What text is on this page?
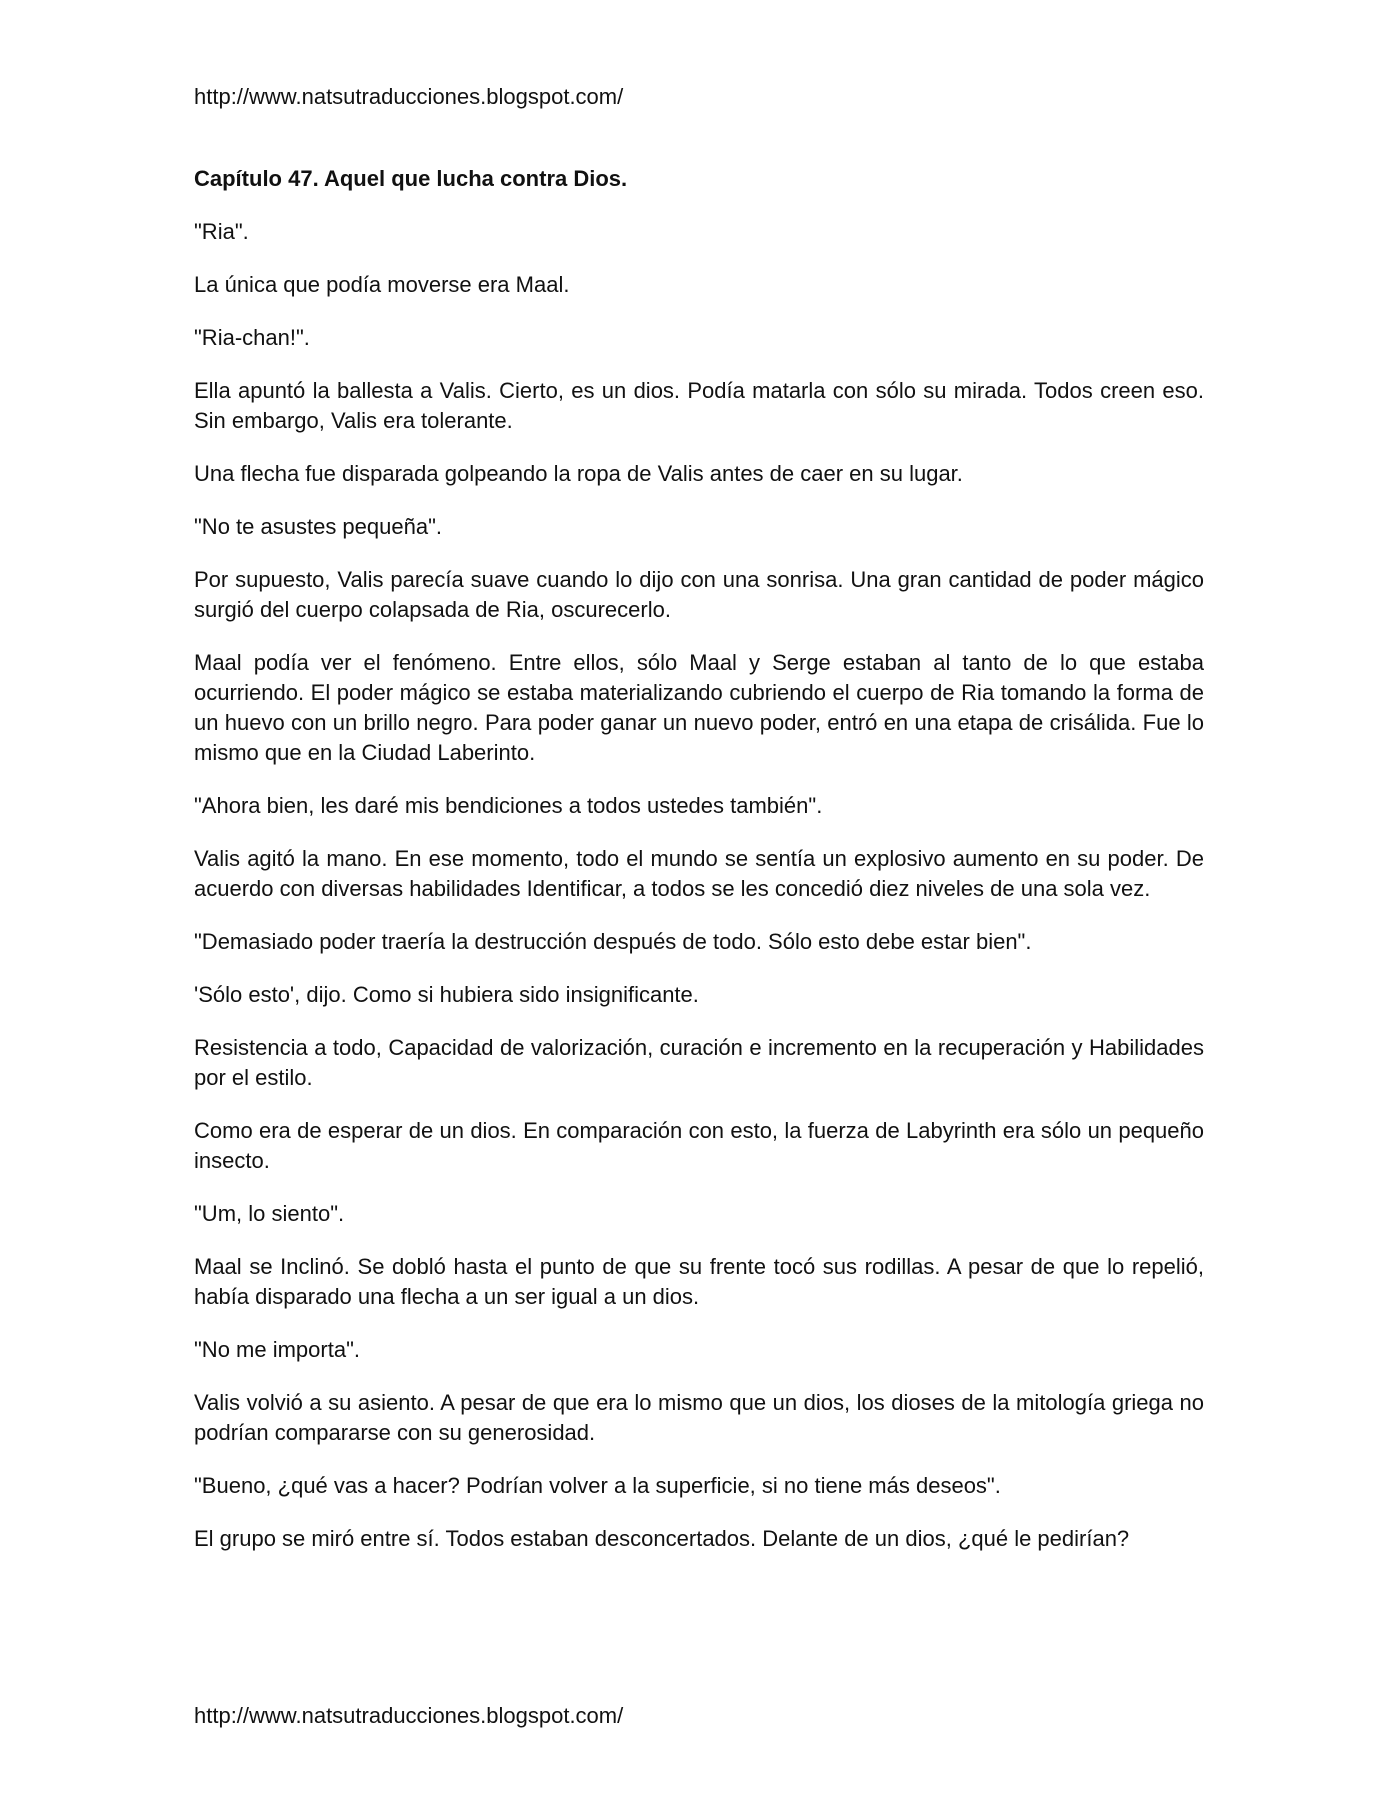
http://www.natsutraducciones.blogspot.com/

Capítulo 47. Aquel que lucha contra Dios.

"Ria".

La única que podía moverse era Maal.

"Ria-chan!".

Ella apuntó la ballesta a Valis. Cierto, es un dios. Podía matarla con sólo su mirada. Todos creen eso. Sin embargo, Valis era tolerante.

Una flecha fue disparada golpeando la ropa de Valis antes de caer en su lugar.

"No te asustes pequeña".

Por supuesto, Valis parecía suave cuando lo dijo con una sonrisa. Una gran cantidad de poder mágico surgió del cuerpo colapsada de Ria, oscurecerlo.

Maal podía ver el fenómeno. Entre ellos, sólo Maal y Serge estaban al tanto de lo que estaba ocurriendo. El poder mágico se estaba materializando cubriendo el cuerpo de Ria tomando la forma de un huevo con un brillo negro. Para poder ganar un nuevo poder, entró en una etapa de crisálida. Fue lo mismo que en la Ciudad Laberinto.

"Ahora bien, les daré mis bendiciones a todos ustedes también".

Valis agitó la mano. En ese momento, todo el mundo se sentía un explosivo aumento en su poder. De acuerdo con diversas habilidades Identificar, a todos se les concedió diez niveles de una sola vez.

"Demasiado poder traería la destrucción después de todo. Sólo esto debe estar bien".

'Sólo esto', dijo. Como si hubiera sido insignificante.

Resistencia a todo, Capacidad de valorización, curación e incremento en la recuperación y Habilidades por el estilo.

Como era de esperar de un dios. En comparación con esto, la fuerza de Labyrinth era sólo un pequeño insecto.

"Um, lo siento".

Maal se Inclinó. Se dobló hasta el punto de que su frente tocó sus rodillas. A pesar de que lo repelió, había disparado una flecha a un ser igual a un dios.

"No me importa".

Valis volvió a su asiento. A pesar de que era lo mismo que un dios, los dioses de la mitología griega no podrían compararse con su generosidad.

"Bueno, ¿qué vas a hacer? Podrían volver a la superficie, si no tiene más deseos".

El grupo se miró entre sí. Todos estaban desconcertados. Delante de un dios, ¿qué le pedirían?

http://www.natsutraducciones.blogspot.com/
